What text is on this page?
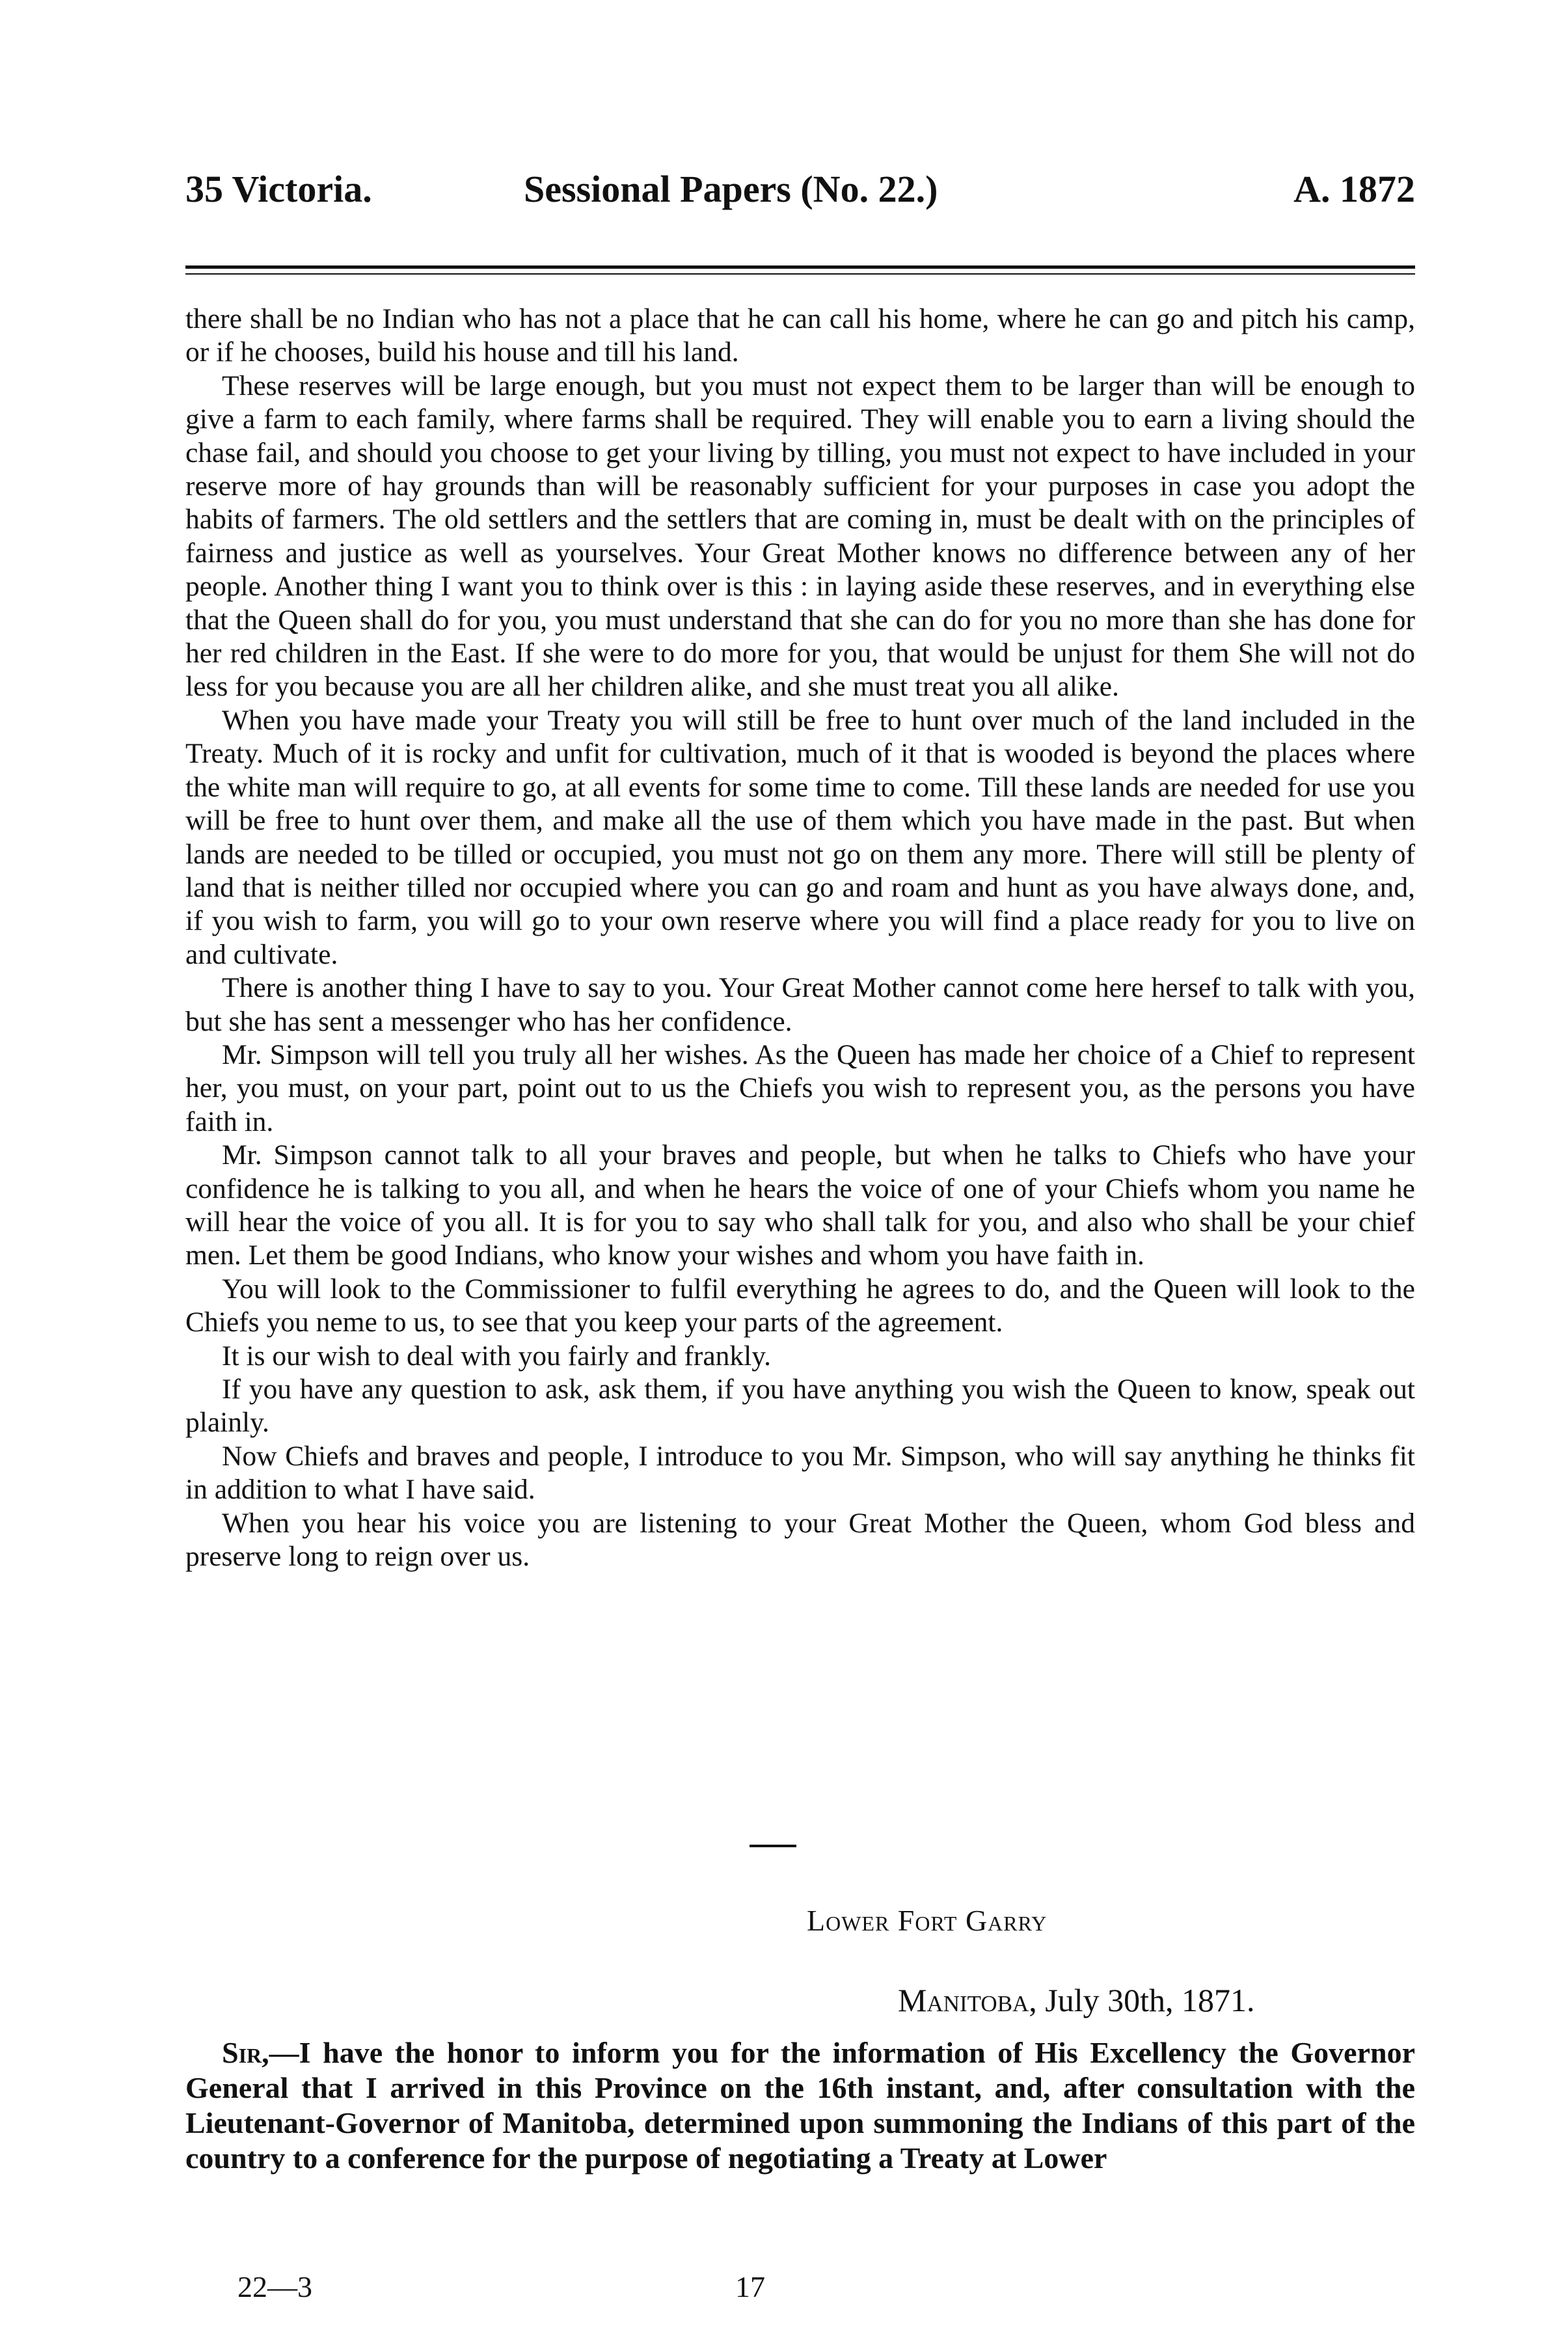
35 Victoria.	Sessional Papers (No. 22.)	A. 1872

there shall be no Indian who has not a place that he can call his home, where he can go and pitch his camp, or if he chooses, build his house and till his land.

These reserves will be large enough, but you must not expect them to be larger than will be enough to give a farm to each family, where farms shall be required. They will enable you to earn a living should the chase fail, and should you choose to get your living by tilling, you must not expect to have included in your reserve more of hay grounds than will be reasonably sufficient for your purposes in case you adopt the habits of farmers. The old settlers and the settlers that are coming in, must be dealt with on the principles of fairness and justice as well as yourselves. Your Great Mother knows no difference between any of her people. Another thing I want you to think over is this : in laying aside these reserves, and in everything else that the Queen shall do for you, you must understand that she can do for you no more than she has done for her red children in the East. If she were to do more for you, that would be unjust for them She will not do less for you because you are all her children alike, and she must treat you all alike.

When you have made your Treaty you will still be free to hunt over much of the land included in the Treaty. Much of it is rocky and unfit for cultivation, much of it that is wooded is beyond the places where the white man will require to go, at all events for some time to come. Till these lands are needed for use you will be free to hunt over them, and make all the use of them which you have made in the past. But when lands are needed to be tilled or occupied, you must not go on them any more. There will still be plenty of land that is neither tilled nor occupied where you can go and roam and hunt as you have always done, and, if you wish to farm, you will go to your own reserve where you will find a place ready for you to live on and cultivate.

There is another thing I have to say to you. Your Great Mother cannot come here hersef to talk with you, but she has sent a messenger who has her confidence.

Mr. Simpson will tell you truly all her wishes. As the Queen has made her choice of a Chief to represent her, you must, on your part, point out to us the Chiefs you wish to represent you, as the persons you have faith in.

Mr. Simpson cannot talk to all your braves and people, but when he talks to Chiefs who have your confidence he is talking to you all, and when he hears the voice of one of your Chiefs whom you name he will hear the voice of you all. It is for you to say who shall talk for you, and also who shall be your chief men. Let them be good Indians, who know your wishes and whom you have faith in.

You will look to the Commissioner to fulfil everything he agrees to do, and the Queen will look to the Chiefs you neme to us, to see that you keep your parts of the agreement.

It is our wish to deal with you fairly and frankly.

If you have any question to ask, ask them, if you have anything you wish the Queen to know, speak out plainly.

Now Chiefs and braves and people, I introduce to you Mr. Simpson, who will say anything he thinks fit in addition to what I have said.

When you hear his voice you are listening to your Great Mother the Queen, whom God bless and preserve long to reign over us.

Lower Fort Garry
Manitoba, July 30th, 1871.

Sir,—I have the honor to inform you for the information of His Excellency the Governor General that I arrived in this Province on the 16th instant, and, after consultation with the Lieutenant-Governor of Manitoba, determined upon summoning the Indians of this part of the country to a conference for the purpose of negotiating a Treaty at Lower

22—3	17
